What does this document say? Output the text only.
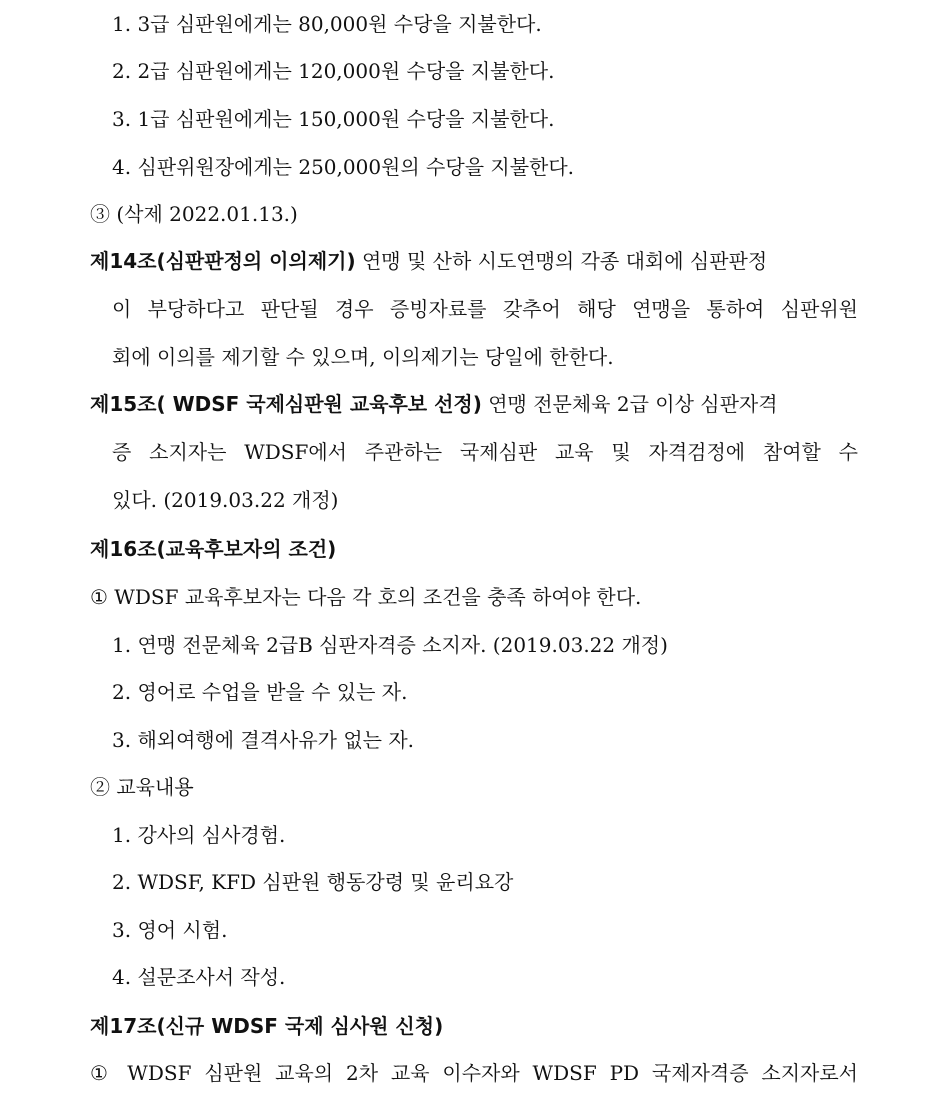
1. 3급 심판원에게는 80,000원 수당을 지불한다.
2. 2급 심판원에게는 120,000원 수당을 지불한다.
3. 1급 심판원에게는 150,000원 수당을 지불한다.
4. 심판위원장에게는 250,000원의 수당을 지불한다.
③ (삭제 2022.01.13.)
제14조(심판판정의 이의제기) 연맹 및 산하 시도연맹의 각종 대회에 심판판정
이 부당하다고 판단될 경우 증빙자료를 갖추어 해당 연맹을 통하여 심판위원
회에 이의를 제기할 수 있으며, 이의제기는 당일에 한한다.
제15조( WDSF 국제심판원 교육후보 선정) 연맹 전문체육 2급 이상 심판자격
증 소지자는 WDSF에서 주관하는 국제심판 교육 및 자격검정에 참여할 수
있다. (2019.03.22 개정)
제16조(교육후보자의 조건)
① WDSF 교육후보자는 다음 각 호의 조건을 충족 하여야 한다.
1. 연맹 전문체육 2급B 심판자격증 소지자. (2019.03.22 개정)
2. 영어로 수업을 받을 수 있는 자.
3. 해외여행에 결격사유가 없는 자.
② 교육내용
1. 강사의 심사경험.
2. WDSF, KFD 심판원 행동강령 및 윤리요강
3. 영어 시험.
4. 설문조사서 작성.
제17조(신규 WDSF 국제 심사원 신청)
① WDSF 심판원 교육의 2차 교육 이수자와 WDSF PD 국제자격증 소지자로서
